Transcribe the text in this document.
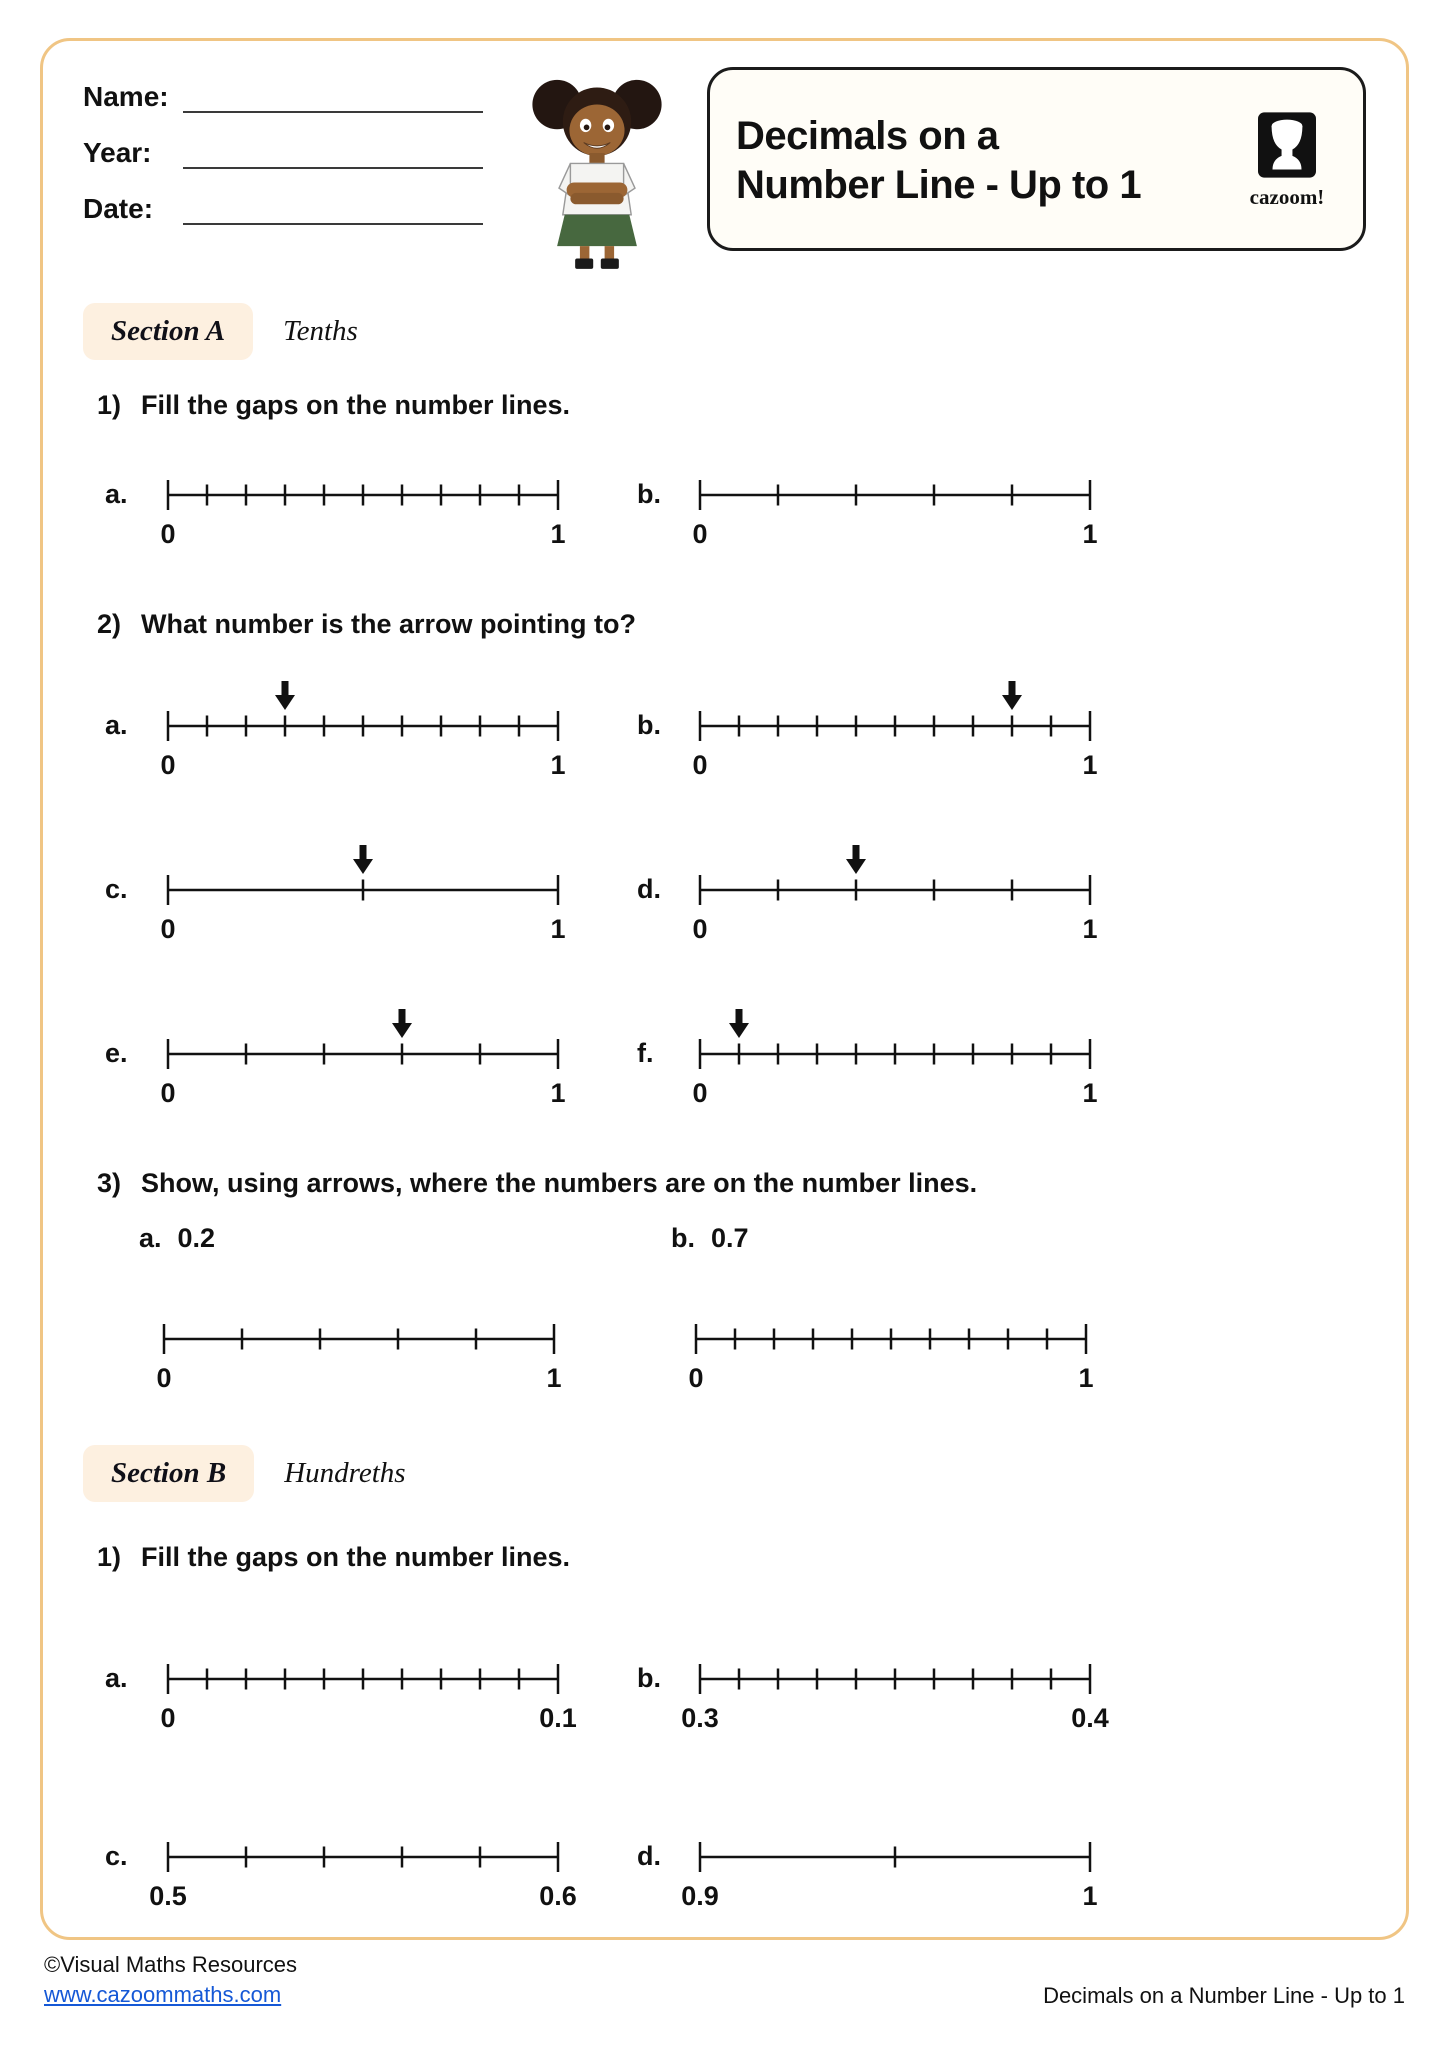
Name:
Year:
Date:
Decimals on a
Number Line - Up to 1	cazoom!
Section A	Tenths
1) Fill the gaps on the number lines.
a.
0	1
b.
0	1
2) What number is the arrow pointing to?
a.
0	1
b.
0	1
c.
0	1
d.
0	1
e.
0	1
f.
0	1
3) Show, using arrows, where the numbers are on the number lines.
a. 0.2
0	1
b. 0.7
0	1
Section B	Hundreths
1) Fill the gaps on the number lines.
a.
0	0.1
b.
0.3	0.4
c.
0.5	0.6
d.
0.9	1
©Visual Maths Resources
www.cazoommaths.com	Decimals on a Number Line - Up to 1
